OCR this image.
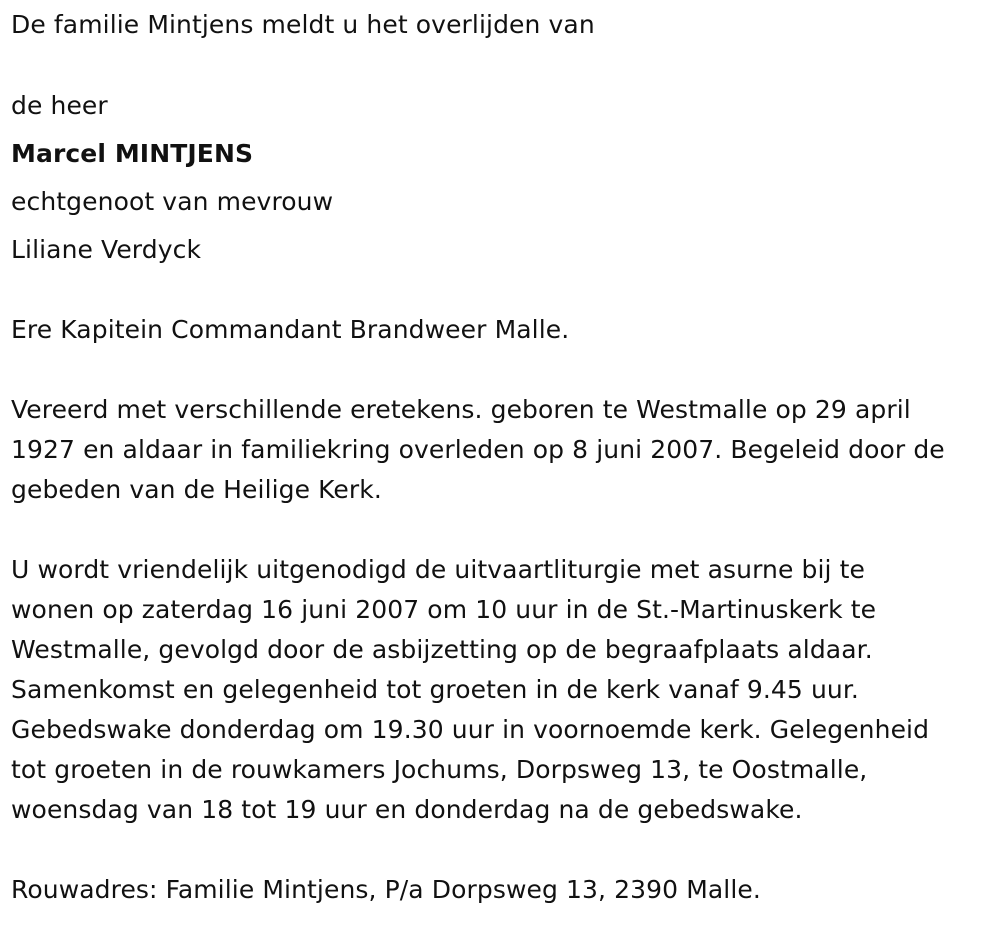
De familie Mintjens meldt u het overlijden van
de heer
Marcel MINTJENS
echtgenoot van mevrouw
Liliane Verdyck
Ere Kapitein Commandant Brandweer Malle.
Vereerd met verschillende eretekens. geboren te Westmalle op 29 april
1927 en aldaar in familiekring overleden op 8 juni 2007. Begeleid door de
gebeden van de Heilige Kerk.
U wordt vriendelijk uitgenodigd de uitvaartliturgie met asurne bij te
wonen op zaterdag 16 juni 2007 om 10 uur in de St.-Martinuskerk te
Westmalle, gevolgd door de asbijzetting op de begraafplaats aldaar.
Samenkomst en gelegenheid tot groeten in de kerk vanaf 9.45 uur.
Gebedswake donderdag om 19.30 uur in voornoemde kerk. Gelegenheid
tot groeten in de rouwkamers Jochums, Dorpsweg 13, te Oostmalle,
woensdag van 18 tot 19 uur en donderdag na de gebedswake.
Rouwadres: Familie Mintjens, P/a Dorpsweg 13, 2390 Malle.
